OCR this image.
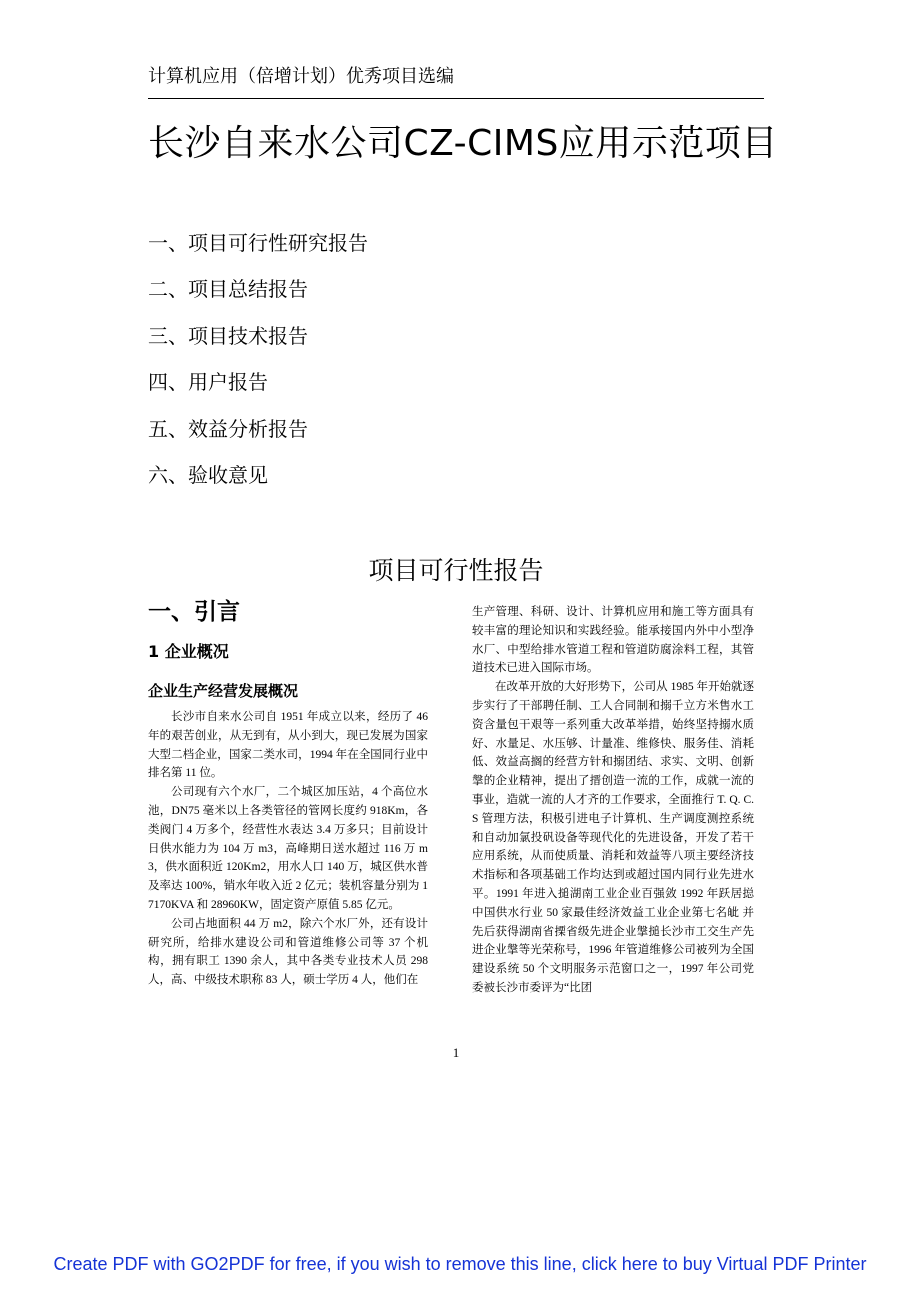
计算机应用（倍增计划）优秀项目选编
长沙自来水公司CZ-CIMS应用示范项目
一、项目可行性研究报告
二、项目总结报告
三、项目技术报告
四、用户报告
五、效益分析报告
六、验收意见
项目可行性报告
一、引言
1 企业概况
企业生产经营发展概况

长沙市自来水公司自 1951 年成立以来，经历了 46 年的艰苦创业，从无到有，从小到大，现已发展为国家大型二档企业，国家二类水司，1994 年在全国同行业中排名第 11 位。

公司现有六个水厂，二个城区加压站，4 个高位水池，DN75 毫米以上各类管径的管网长度约 918Km，各类阀门 4 万多个，经营性水表达 3.4 万多只；目前设计日供水能力为 104 万 m3，高峰期日送水超过 116 万 m3，供水面积近 120Km2，用水人口 140 万，城区供水普及率达 100%，销水年收入近 2 亿元；装机容量分别为 17170KVA 和 28960KW，固定资产原值 5.85 亿元。

公司占地面积 44 万 m2，除六个水厂外，还有设计研究所，给排水建设公司和管道维修公司等 37 个机构，拥有职工 1390 余人，其中各类专业技术人员 298 人，高、中级技术职称 83 人，硕士学历 4 人，他们在

生产管理、科研、设计、计算机应用和施工等方面具有较丰富的理论知识和实践经验。能承接国内外中小型净水厂、中型给排水管道工程和管道防腐涂料工程，其管道技术已进入国际市场。

在改革开放的大好形势下，公司从 1985 年开始就逐步实行了干部聘任制、工人合同制和搦千立方米售水工资含量包干艰等一系列重大改革举措，始终坚持搦水质好、水量足、水压够、计量准、维修快、服务佳、消耗低、效益高搁的经营方针和搦团结、求实、文明、创新搫的企业精神，提出了搢创造一流的工作，成就一流的事业，造就一流的人才齐的工作要求，全面推行 T. Q. C. S 管理方法，积极引进电子计算机、生产调度测控系统和自动加氯投矾设备等现代化的先进设备，开发了若干应用系统，从而使质量、消耗和效益等八项主要经济技术指标和各项基础工作均达到或超过国内同行业先进水平。1991 年进入搥湖南工业企业百强敛 1992 年跃居搃中国供水行业 50 家最佳经济效益工业企业第七名皉 并先后获得湖南省搮省级先进企业搫搥长沙市工交生产先进企业搫等光荣称号，1996 年管道维修公司被列为全国建设系统 50 个文明服务示范窗口之一，1997 年公司党委被长沙市委评为“比团

1
Create PDF with GO2PDF for free, if you wish to remove this line, click here to buy Virtual PDF Printer
